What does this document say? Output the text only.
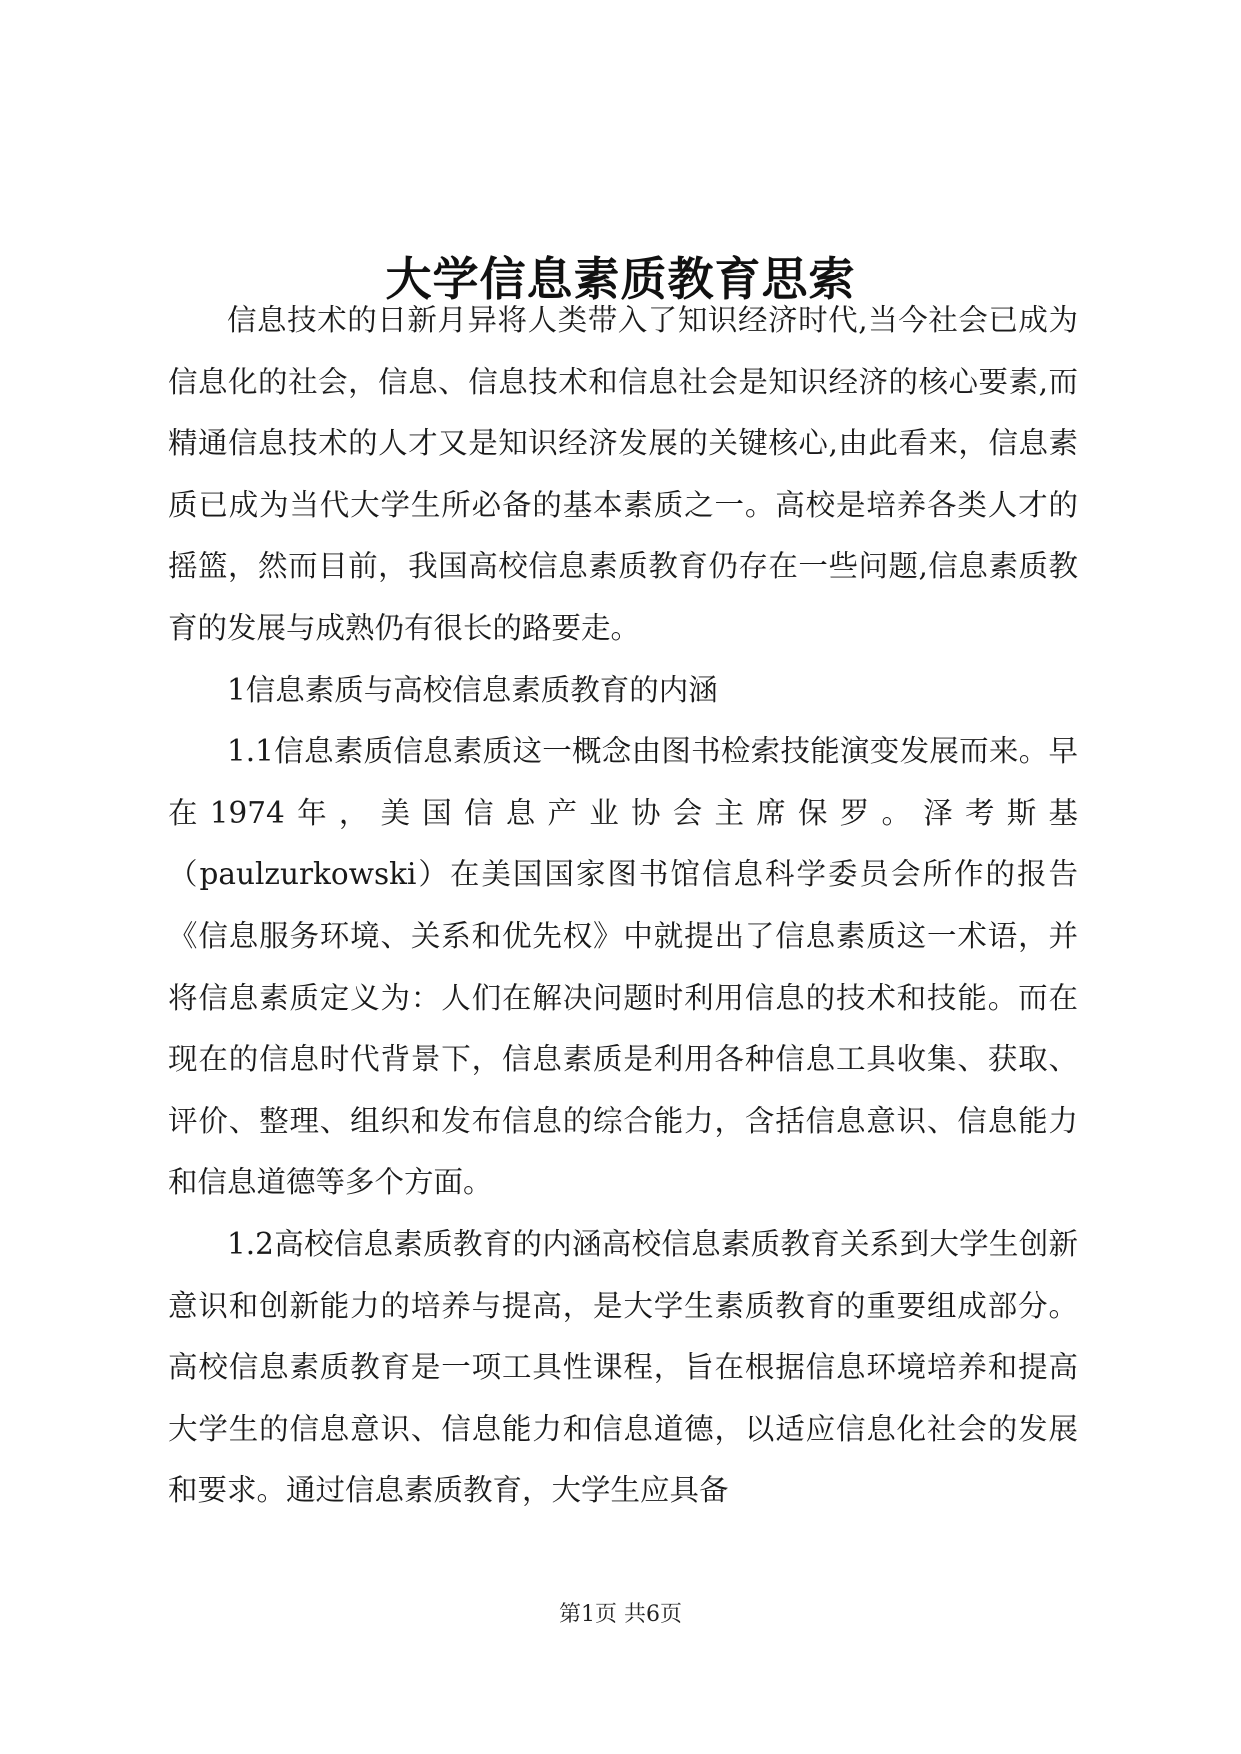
大学信息素质教育思索

信息技术的日新月异将人类带入了知识经济时代,当今社会已成为信息化的社会，信息、信息技术和信息社会是知识经济的核心要素,而精通信息技术的人才又是知识经济发展的关键核心,由此看来，信息素质已成为当代大学生所必备的基本素质之一。高校是培养各类人才的摇篮，然而目前，我国高校信息素质教育仍存在一些问题,信息素质教育的发展与成熟仍有很长的路要走。

1信息素质与高校信息素质教育的内涵

1.1信息素质信息素质这一概念由图书检索技能演变发展而来。早在1974年，美国信息产业协会主席保罗。泽考斯基（paulzurkowski）在美国国家图书馆信息科学委员会所作的报告《信息服务环境、关系和优先权》中就提出了信息素质这一术语，并将信息素质定义为：人们在解决问题时利用信息的技术和技能。而在现在的信息时代背景下，信息素质是利用各种信息工具收集、获取、评价、整理、组织和发布信息的综合能力，含括信息意识、信息能力和信息道德等多个方面。

1.2高校信息素质教育的内涵高校信息素质教育关系到大学生创新意识和创新能力的培养与提高，是大学生素质教育的重要组成部分。高校信息素质教育是一项工具性课程，旨在根据信息环境培养和提高大学生的信息意识、信息能力和信息道德，以适应信息化社会的发展和要求。通过信息素质教育，大学生应具备

第1页 共6页
